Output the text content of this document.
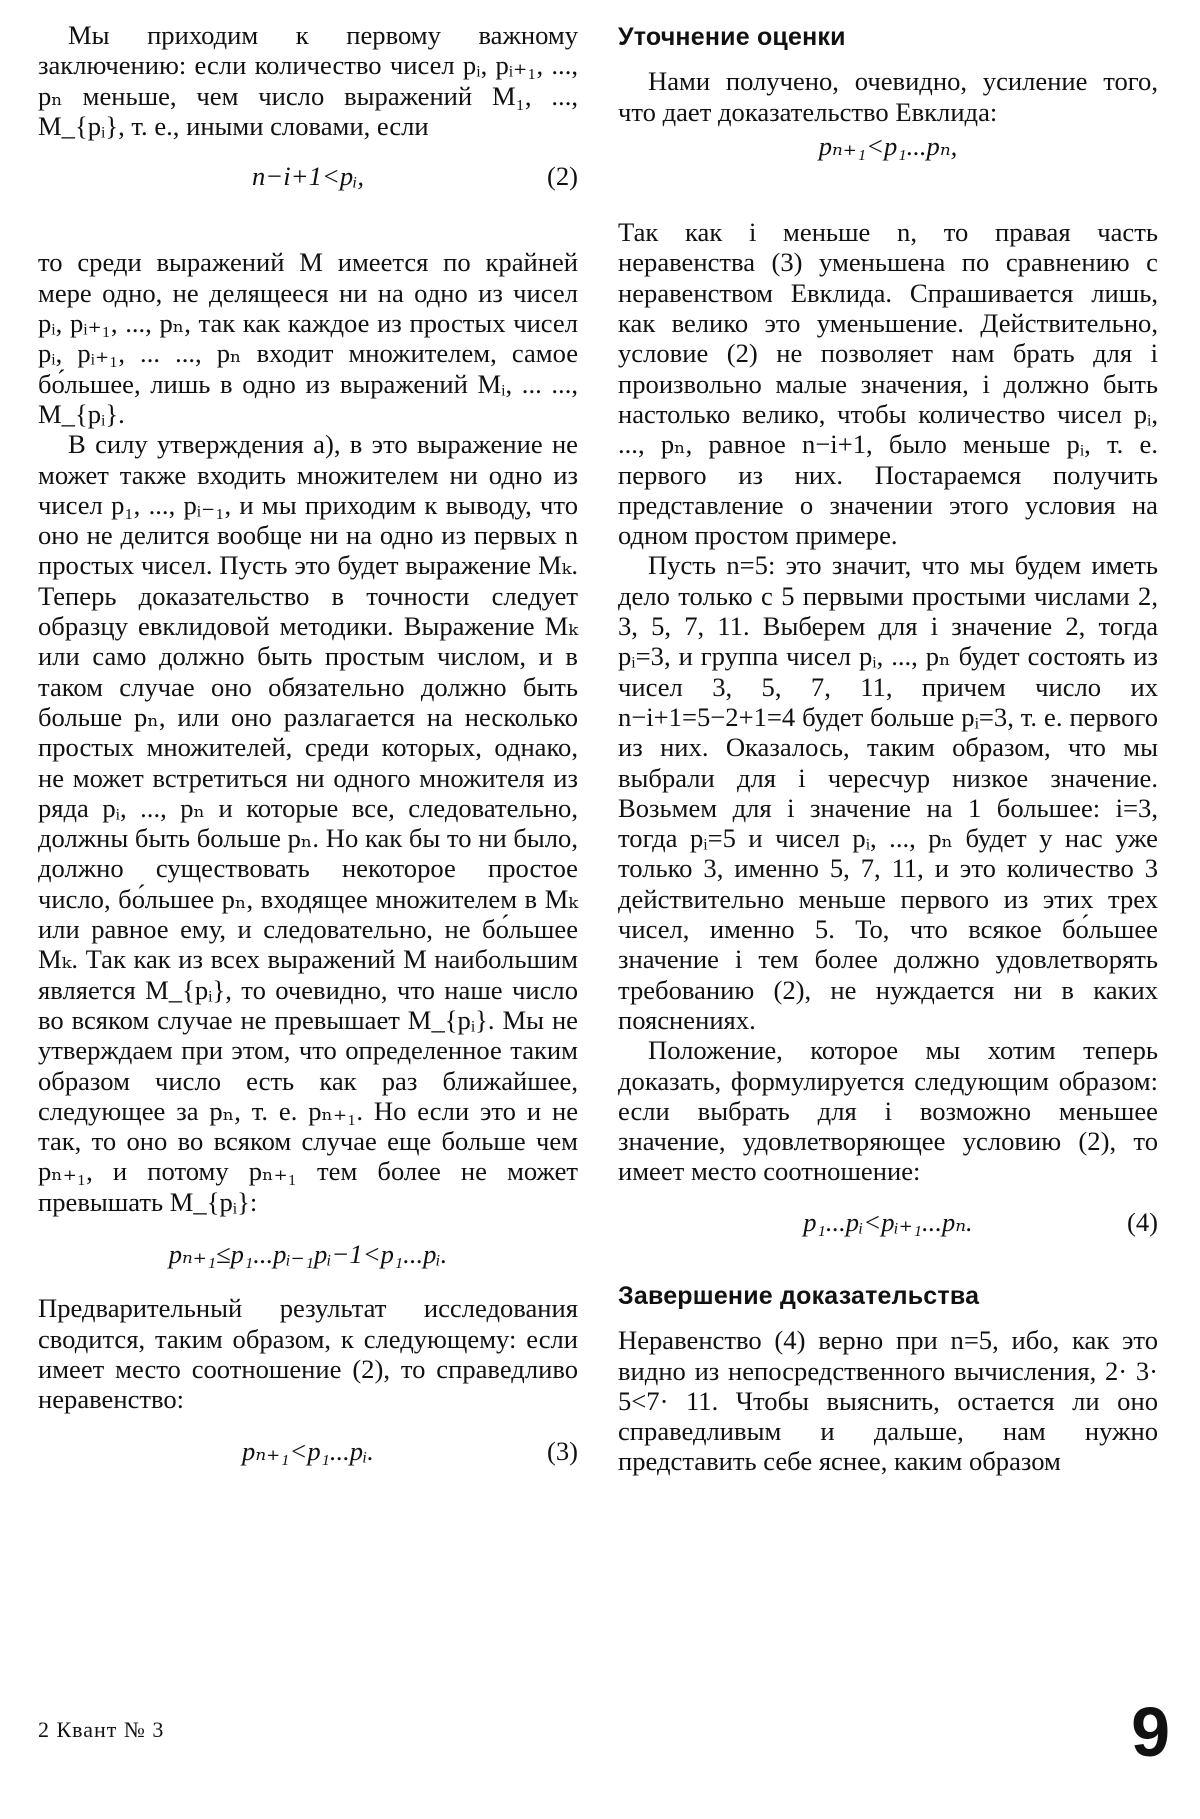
Мы приходим к первому важному заключению: если количество чисел pᵢ, pᵢ₊₁, ..., pₙ меньше, чем число выражений M₁, ..., M_{pᵢ}, т. е., иными словами, если

n−i+1<pᵢ,	(2)

то среди выражений M имеется по крайней мере одно, не делящееся ни на одно из чисел pᵢ, pᵢ₊₁, ..., pₙ, так как каждое из простых чисел pᵢ, pᵢ₊₁, ... ..., pₙ входит множителем, самое бо́льшее, лишь в одно из выражений Mᵢ, ... ..., M_{pᵢ}.

В силу утверждения а), в это выражение не может также входить множителем ни одно из чисел p₁, ..., pᵢ₋₁, и мы приходим к выводу, что оно не делится вообще ни на одно из первых n простых чисел. Пусть это будет выражение Mₖ. Теперь доказательство в точности следует образцу евклидовой методики. Выражение Mₖ или само должно быть простым числом, и в таком случае оно обязательно должно быть больше pₙ, или оно разлагается на несколько простых множителей, среди которых, однако, не может встретиться ни одного множителя из ряда pᵢ, ..., pₙ и которые все, следовательно, должны быть больше pₙ. Но как бы то ни было, должно существовать некоторое простое число, бо́льшее pₙ, входящее множителем в Mₖ или равное ему, и следовательно, не бо́льшее Mₖ. Так как из всех выражений M наибольшим является M_{pᵢ}, то очевидно, что наше число во всяком случае не превышает M_{pᵢ}. Мы не утверждаем при этом, что определенное таким образом число есть как раз ближайшее, следующее за pₙ, т. е. pₙ₊₁. Но если это и не так, то оно во всяком случае еще больше чем pₙ₊₁, и потому pₙ₊₁ тем более не может превышать M_{pᵢ}:

pₙ₊₁≤p₁...pᵢ₋₁pᵢ−1<p₁...pᵢ.

Предварительный результат исследования сводится, таким образом, к следующему: если имеет место соотношение (2), то справедливо неравенство:

pₙ₊₁<p₁...pᵢ.	(3)
Уточнение оценки

Нами получено, очевидно, усиление того, что дает доказательство Евклида:

pₙ₊₁<p₁...pₙ,

Так как i меньше n, то правая часть неравенства (3) уменьшена по сравнению с неравенством Евклида. Спрашивается лишь, как велико это уменьшение. Действительно, условие (2) не позволяет нам брать для i произвольно малые значения, i должно быть настолько велико, чтобы количество чисел pᵢ, ..., pₙ, равное n−i+1, было меньше pᵢ, т. е. первого из них. Постараемся получить представление о значении этого условия на одном простом примере.

Пусть n=5: это значит, что мы будем иметь дело только с 5 первыми простыми числами 2, 3, 5, 7, 11. Выберем для i значение 2, тогда pᵢ=3, и группа чисел pᵢ, ..., pₙ будет состоять из чисел 3, 5, 7, 11, причем число их n−i+1=5−2+1=4 будет больше pᵢ=3, т. е. первого из них. Оказалось, таким образом, что мы выбрали для i чересчур низкое значение. Возьмем для i значение на 1 большее: i=3, тогда pᵢ=5 и чисел pᵢ, ..., pₙ будет у нас уже только 3, именно 5, 7, 11, и это количество 3 действительно меньше первого из этих трех чисел, именно 5. То, что всякое бо́льшее значение i тем более должно удовлетворять требованию (2), не нуждается ни в каких пояснениях.

Положение, которое мы хотим теперь доказать, формулируется следующим образом: если выбрать для i возможно меньшее значение, удовлетворяющее условию (2), то имеет место соотношение:

p₁...pᵢ<pᵢ₊₁...pₙ.	(4)
Завершение доказательства

Неравенство (4) верно при n=5, ибо, как это видно из непосредственного вычисления, 2· 3· 5<7· 11. Чтобы выяснить, остается ли оно справедливым и дальше, нам нужно представить себе яснее, каким образом

2 Квант № 3	9
